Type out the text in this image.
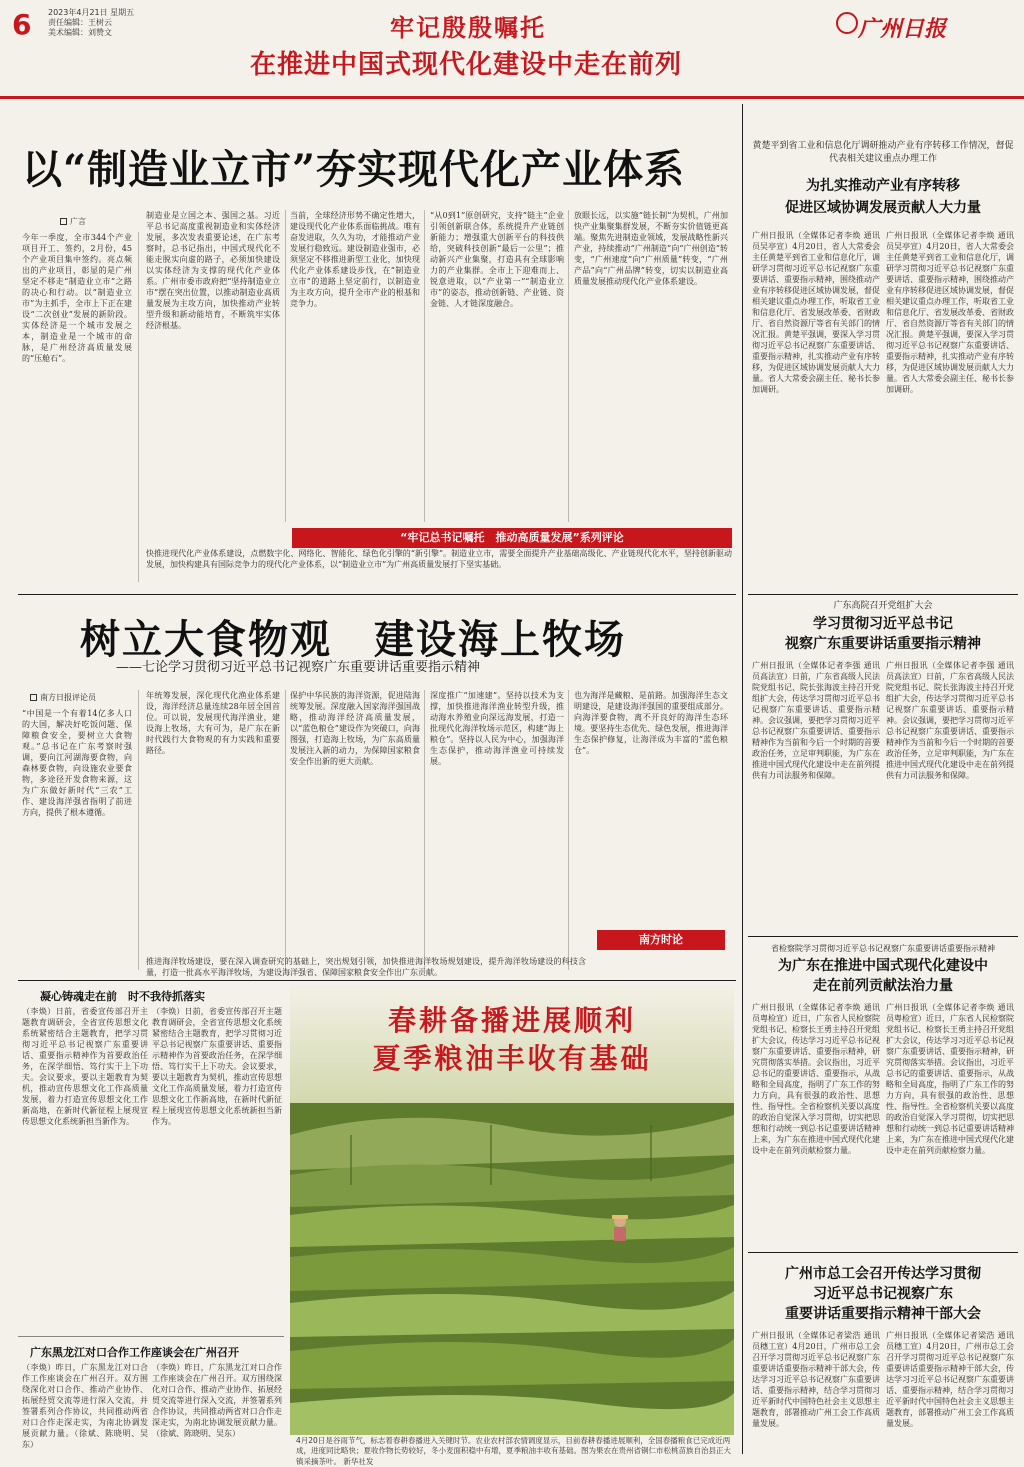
6 2023年4月21日 星期五
责任编辑：王树云
美术编辑：刘赞文	牢记殷殷嘱托
在推进中国式现代化建设中走在前列
广州日报
以“制造业立市”夯实现代化产业体系
广言
今年一季度，全市344个产业项目开工、签约，2月份，45个产业项目集中签约。亮点频出的产业项目，彰显的是广州坚定不移走“制造业立市”之路的决心和行动。以“制造业立市”为主抓手，全市上下正在建设“二次创业”发展的新阶段。实体经济是一个城市发展之本，制造业是一个城市的命脉，是广州经济高质量发展的“压舱石”。
制造业是立国之本、强国之基。习近平总书记高度重视制造业和实体经济发展，多次发表重要论述，在广东考察时，总书记指出，中国式现代化不能走脱实向虚的路子，必须加快建设以实体经济为支撑的现代化产业体系。广州市委市政府把“坚持制造业立市”摆在突出位置，以推动制造业高质量发展为主攻方向，加快推动产业转型升级和新动能培育，不断筑牢实体经济根基。
当前，全球经济形势不确定性增大，建设现代化产业体系面临挑战。唯有奋发进取，久久为功，才能推动产业发展行稳致远。建设制造业强市，必须坚定不移推进新型工业化，加快现代化产业体系建设步伐，在“制造业立市”的道路上坚定前行，以制造业为主攻方向，提升全市产业的根基和竞争力。
“从0到1”原创研究，支持“链主”企业引领创新联合体，系统提升产业链创新能力；增强重大创新平台的科技供给，突破科技创新“最后一公里”；推动新兴产业集聚，打造具有全球影响力的产业集群。全市上下迎难而上、锐意进取，以“产业第一”“制造业立市”的姿态，推动创新链、产业链、资金链、人才链深度融合。
放眼长远，以实施“链长制”为契机，广州加快产业集聚集群发展，不断夯实价值链更高端。聚焦先进制造业领域，发展战略性新兴产业，持续推动“广州制造”向“广州创造”转变，“广州速度”向“广州质量”转变，“广州产品”向“广州品牌”转变，切实以制造业高质量发展推动现代化产业体系建设。
快推进现代化产业体系建设，点燃数字化、网络化、智能化、绿色化引擎的“新引擎”。制造业立市，需要全面提升产业基础高级化、产业链现代化水平，坚持创新驱动发展，加快构建具有国际竞争力的现代化产业体系，以“制造业立市”为广州高质量发展打下坚实基础。
“牢记总书记嘱托　推动高质量发展”系列评论
树立大食物观　建设海上牧场
——七论学习贯彻习近平总书记视察广东重要讲话重要指示精神
南方日报评论员
“中国是一个有着14亿多人口的大国，解决好吃饭问题、保障粮食安全，要树立大食物观。”总书记在广东考察时强调，要向江河湖海要食物，向森林要食物，向设施农业要食物，多途径开发食物来源，这为广东做好新时代“三农”工作、建设海洋强省指明了前进方向，提供了根本遵循。
年统筹发展，深化现代化渔业体系建设，海洋经济总量连续28年居全国首位。可以说，发展现代海洋渔业，建设海上牧场，大有可为，是广东在新时代践行大食物观的有力实践和重要路径。
保护中华民族的海洋资源，促进陆海统筹发展。深度融入国家海洋强国战略，推动海洋经济高质量发展，以“蓝色粮仓”建设作为突破口，向海图强，打造海上牧场，为广东高质量发展注入新的动力，为保障国家粮食安全作出新的更大贡献。
深度推广“加速建”。坚持以技术为支撑，加快推进海洋渔业转型升级，推动海水养殖业向深远海发展，打造一批现代化海洋牧场示范区，构建“海上粮仓”。坚持以人民为中心，加强海洋生态保护，推动海洋渔业可持续发展。
也为海洋是藏粮、是前路。加强海洋生态文明建设，是建设海洋强国的重要组成部分。向海洋要食物，离不开良好的海洋生态环境。要坚持生态优先、绿色发展，推进海洋生态保护修复，让海洋成为丰富的“蓝色粮仓”。
推进海洋牧场建设，要在深入调查研究的基础上，突出规划引领，加快推进海洋牧场规划建设，提升海洋牧场建设的科技含量，打造一批高水平海洋牧场，为建设海洋强省、保障国家粮食安全作出广东贡献。
南方时论
黄楚平到省工业和信息化厅调研推动产业有序转移工作情况，督促代表相关建议重点办理工作
为扎实推动产业有序转移
促进区域协调发展贡献人大力量
广州日报讯（全媒体记者李焕 通讯员吴亭宣）4月20日，省人大常委会主任黄楚平到省工业和信息化厅，调研学习贯彻习近平总书记视察广东重要讲话、重要指示精神，围绕推动产业有序转移促进区域协调发展，督促相关建议重点办理工作，听取省工业和信息化厅、省发展改革委、省财政厅、省自然资源厅等省有关部门的情况汇报。黄楚平强调，要深入学习贯彻习近平总书记视察广东重要讲话、重要指示精神，扎实推动产业有序转移，为促进区域协调发展贡献人大力量。省人大常委会副主任、秘书长参加调研。
广州日报讯（全媒体记者李焕 通讯员吴亭宣）4月20日，省人大常委会主任黄楚平到省工业和信息化厅，调研学习贯彻习近平总书记视察广东重要讲话、重要指示精神，围绕推动产业有序转移促进区域协调发展，督促相关建议重点办理工作，听取省工业和信息化厅、省发展改革委、省财政厅、省自然资源厅等省有关部门的情况汇报。黄楚平强调，要深入学习贯彻习近平总书记视察广东重要讲话、重要指示精神，扎实推动产业有序转移，为促进区域协调发展贡献人大力量。省人大常委会副主任、秘书长参加调研。
广东高院召开党组扩大会
学习贯彻习近平总书记
视察广东重要讲话重要指示精神
广州日报讯（全媒体记者李强 通讯员高法宣）日前，广东省高级人民法院党组书记、院长张海波主持召开党组扩大会，传达学习贯彻习近平总书记视察广东重要讲话、重要指示精神。会议强调，要把学习贯彻习近平总书记视察广东重要讲话、重要指示精神作为当前和今后一个时期的首要政治任务，立足审判职能，为广东在推进中国式现代化建设中走在前列提供有力司法服务和保障。
广州日报讯（全媒体记者李强 通讯员高法宣）日前，广东省高级人民法院党组书记、院长张海波主持召开党组扩大会，传达学习贯彻习近平总书记视察广东重要讲话、重要指示精神。会议强调，要把学习贯彻习近平总书记视察广东重要讲话、重要指示精神作为当前和今后一个时期的首要政治任务，立足审判职能，为广东在推进中国式现代化建设中走在前列提供有力司法服务和保障。
省检察院学习贯彻习近平总书记视察广东重要讲话重要指示精神
为广东在推进中国式现代化建设中
走在前列贡献法治力量
广州日报讯（全媒体记者李焕 通讯员粤检宣）近日，广东省人民检察院党组书记、检察长王勇主持召开党组扩大会议，传达学习习近平总书记视察广东重要讲话、重要指示精神，研究贯彻落实举措。会议指出，习近平总书记的重要讲话、重要指示，从战略和全局高度，指明了广东工作的努力方向，具有很强的政治性、思想性、指导性。全省检察机关要以高度的政治自觉深入学习贯彻，切实把思想和行动统一到总书记重要讲话精神上来，为广东在推进中国式现代化建设中走在前列贡献检察力量。
广州日报讯（全媒体记者李焕 通讯员粤检宣）近日，广东省人民检察院党组书记、检察长王勇主持召开党组扩大会议，传达学习习近平总书记视察广东重要讲话、重要指示精神，研究贯彻落实举措。会议指出，习近平总书记的重要讲话、重要指示，从战略和全局高度，指明了广东工作的努力方向，具有很强的政治性、思想性、指导性。全省检察机关要以高度的政治自觉深入学习贯彻，切实把思想和行动统一到总书记重要讲话精神上来，为广东在推进中国式现代化建设中走在前列贡献检察力量。
广州市总工会召开传达学习贯彻
习近平总书记视察广东
重要讲话重要指示精神干部大会
广州日报讯（全媒体记者梁浩 通讯员穗工宣）4月20日，广州市总工会召开学习贯彻习近平总书记视察广东重要讲话重要指示精神干部大会，传达学习习近平总书记视察广东重要讲话、重要指示精神，结合学习贯彻习近平新时代中国特色社会主义思想主题教育，部署推动广州工会工作高质量发展。
广州日报讯（全媒体记者梁浩 通讯员穗工宣）4月20日，广州市总工会召开学习贯彻习近平总书记视察广东重要讲话重要指示精神干部大会，传达学习习近平总书记视察广东重要讲话、重要指示精神，结合学习贯彻习近平新时代中国特色社会主义思想主题教育，部署推动广州工会工作高质量发展。
凝心铸魂走在前　时不我待抓落实
（李焕）日前，省委宣传部召开主题教育调研会，全省宣传思想文化系统紧密结合主题教育，把学习贯彻习近平总书记视察广东重要讲话、重要指示精神作为首要政治任务，在深学细悟、笃行实干上下功夫。会议要求，要以主题教育为契机，推动宣传思想文化工作高质量发展，着力打造宣传思想文化工作新高地，在新时代新征程上展现宣传思想文化系统新担当新作为。
（李焕）日前，省委宣传部召开主题教育调研会，全省宣传思想文化系统紧密结合主题教育，把学习贯彻习近平总书记视察广东重要讲话、重要指示精神作为首要政治任务，在深学细悟、笃行实干上下功夫。会议要求，要以主题教育为契机，推动宣传思想文化工作高质量发展，着力打造宣传思想文化工作新高地，在新时代新征程上展现宣传思想文化系统新担当新作为。
广东黑龙江对口合作工作座谈会在广州召开
（李焕）昨日，广东黑龙江对口合作工作座谈会在广州召开。双方围绕深化对口合作、推动产业协作、拓展经贸交流等进行深入交流，并签署系列合作协议，共同推动两省对口合作走深走实，为南北协调发展贡献力量。（徐斌、陈晓明、吴东）
（李焕）昨日，广东黑龙江对口合作工作座谈会在广州召开。双方围绕深化对口合作、推动产业协作、拓展经贸交流等进行深入交流，并签署系列合作协议，共同推动两省对口合作走深走实，为南北协调发展贡献力量。（徐斌、陈晓明、吴东）
春耕备播进展顺利
夏季粮油丰收有基础
4月20日是谷雨节气，标志着春耕春播进入关键时节。农业农村部农情调度显示，目前春耕春播进展顺利，全国春播粮食已完成近两成，进度同比略快；夏收作物长势较好，冬小麦面积稳中有增，夏季粮油丰收有基础。图为果农在贵州省铜仁市松桃苗族自治县正大镇采摘茶叶。 新华社发
